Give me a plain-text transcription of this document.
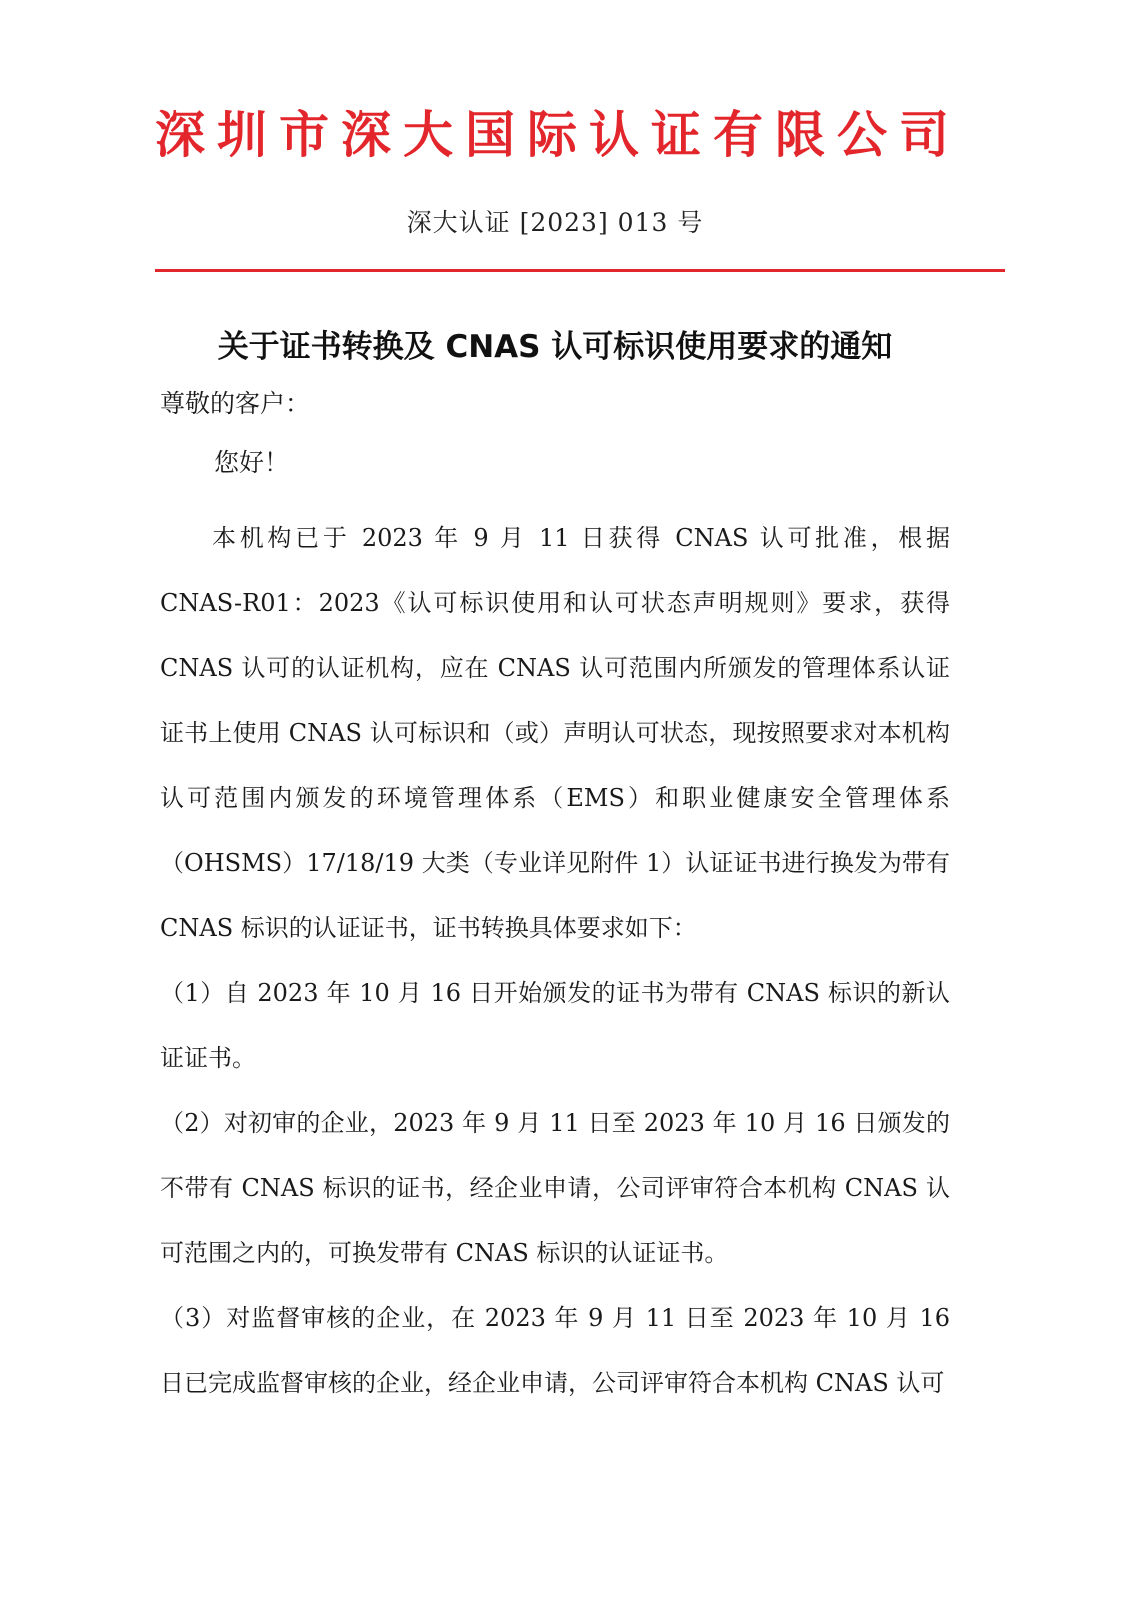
深圳市深大国际认证有限公司
深大认证 [2023] 013 号
关于证书转换及 CNAS 认可标识使用要求的通知
尊敬的客户：
您好！

本机构已于 2023 年 9 月 11 日获得 CNAS 认可批准，根据 CNAS-R01：2023《认可标识使用和认可状态声明规则》要求，获得 CNAS 认可的认证机构，应在 CNAS 认可范围内所颁发的管理体系认证证书上使用 CNAS 认可标识和（或）声明认可状态，现按照要求对本机构认可范围内颁发的环境管理体系（EMS）和职业健康安全管理体系（OHSMS）17/18/19 大类（专业详见附件 1）认证证书进行换发为带有 CNAS 标识的认证证书，证书转换具体要求如下：

（1）自 2023 年 10 月 16 日开始颁发的证书为带有 CNAS 标识的新认证证书。

（2）对初审的企业，2023 年 9 月 11 日至 2023 年 10 月 16 日颁发的不带有 CNAS 标识的证书，经企业申请，公司评审符合本机构 CNAS 认可范围之内的，可换发带有 CNAS 标识的认证证书。

（3）对监督审核的企业，在 2023 年 9 月 11 日至 2023 年 10 月 16 日已完成监督审核的企业，经企业申请，公司评审符合本机构 CNAS 认可
